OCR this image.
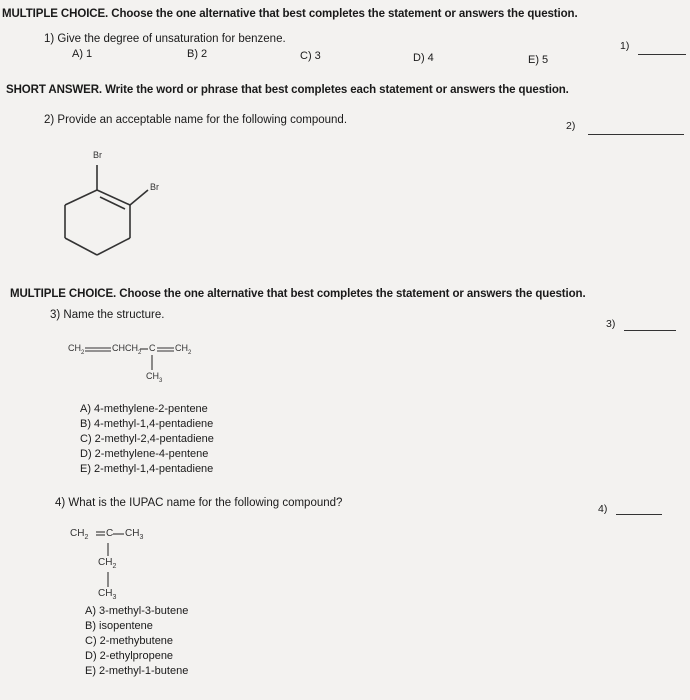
MULTIPLE CHOICE. Choose the one alternative that best completes the statement or answers the question.
1) Give the degree of unsaturation for benzene.
1)
A) 1	B) 2	C) 3	D) 4	E) 5
SHORT ANSWER. Write the word or phrase that best completes each statement or answers the question.
2) Provide an acceptable name for the following compound.	2)
Br
Br
MULTIPLE CHOICE. Choose the one alternative that best completes the statement or answers the question.
3) Name the structure.
3)
$CH_2$	$CHCH_2$ C $CH_2$
$CH_3$
A) 4-methylene-2-pentene
B) 4-methyl-1,4-pentadiene
C) 2-methyl-2,4-pentadiene
D) 2-methylene-4-pentene
E) 2-methyl-1,4-pentadiene
4) What is the IUPAC name for the following compound?	4)
$CH_2$ C $CH_3$
$CH_2$
$CH_3$
A) 3-methyl-3-butene
B) isopentene
C) 2-methybutene
D) 2-ethylpropene
E) 2-methyl-1-butene
